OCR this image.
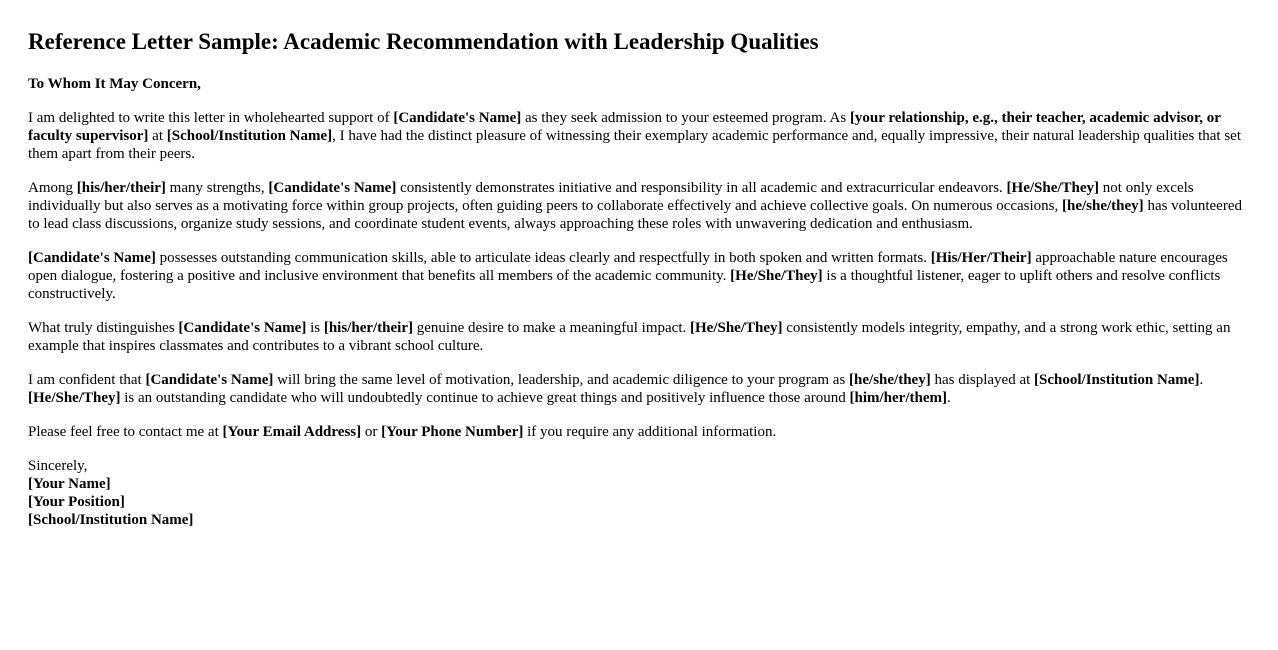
Reference Letter Sample: Academic Recommendation with Leadership Qualities
To Whom It May Concern,

I am delighted to write this letter in wholehearted support of [Candidate's Name] as they seek admission to your esteemed program. As [your relationship, e.g., their teacher, academic advisor, or faculty supervisor] at [School/Institution Name], I have had the distinct pleasure of witnessing their exemplary academic performance and, equally impressive, their natural leadership qualities that set them apart from their peers.

Among [his/her/their] many strengths, [Candidate's Name] consistently demonstrates initiative and responsibility in all academic and extracurricular endeavors. [He/She/They] not only excels individually but also serves as a motivating force within group projects, often guiding peers to collaborate effectively and achieve collective goals. On numerous occasions, [he/she/they] has volunteered to lead class discussions, organize study sessions, and coordinate student events, always approaching these roles with unwavering dedication and enthusiasm.

[Candidate's Name] possesses outstanding communication skills, able to articulate ideas clearly and respectfully in both spoken and written formats. [His/Her/Their] approachable nature encourages open dialogue, fostering a positive and inclusive environment that benefits all members of the academic community. [He/She/They] is a thoughtful listener, eager to uplift others and resolve conflicts constructively.

What truly distinguishes [Candidate's Name] is [his/her/their] genuine desire to make a meaningful impact. [He/She/They] consistently models integrity, empathy, and a strong work ethic, setting an example that inspires classmates and contributes to a vibrant school culture.

I am confident that [Candidate's Name] will bring the same level of motivation, leadership, and academic diligence to your program as [he/she/they] has displayed at [School/Institution Name]. [He/She/They] is an outstanding candidate who will undoubtedly continue to achieve great things and positively influence those around [him/her/them].

Please feel free to contact me at [Your Email Address] or [Your Phone Number] if you require any additional information.

Sincerely,
[Your Name]
[Your Position]
[School/Institution Name]
